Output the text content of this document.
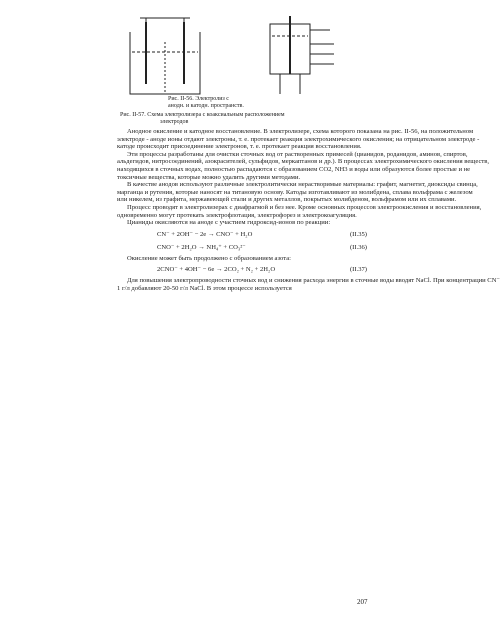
Рис. II-56. Электролиз с
анодн. и катодн. пространств.
Рис. II-57. Схема электролизера с коаксиальным расположением
электродов
Анодное окисление и катодное восстановление. В электролизере, схема которого показана на рис. II-56, на положительном
электроде - аноде ионы отдают электроны, т. е. протекает реакция электрохимического окисления; на отрицательном электроде -
катоде происходит присоединение электронов, т. е. протекает реакция восстановления.
Эти процессы разработаны для очистки сточных вод от растворенных примесей (цианидов, роданидов, аминов, спиртов,
альдегидов, нитросоединений, азокрасителей, сульфидов, меркаптанов и др.). В процессах электрохимического окисления веществ,
находящихся в сточных водах, полностью распадаются с образованием CO2, NH3 и воды или образуются более простые и не
токсичные вещества, которые можно удалить другими методами.
В качестве анодов используют различные электролитически нерастворимые материалы: графит, магнетит, диоксиды свинца,
марганца и рутения, которые наносят на титановую основу. Катоды изготавливают из молибдена, сплава вольфрама с железом
или никелем, из графита, нержавеющей стали и других металлов, покрытых молибденом, вольфрамом или их сплавами.
Процесс проводят в электролизерах с диафрагмой и без нее. Кроме основных процессов электроокисления и восстановления,
одновременно могут протекать электрофлотация, электрофорез и электрокоагуляция.
Цианиды окисляются на аноде с участием гидроксид-ионов по реакции:
CN⁻ + 2OH⁻ − 2e → CNO⁻ + H₂O	(II.35)
CNO⁻ + 2H₂O → NH₄⁺ + CO₃²⁻	(II.36)
Окисление может быть продолжено с образованием азота:
2CNO⁻ + 4OH⁻ − 6e → 2CO₂ + N₂ + 2H₂O	(II.37)
Для повышения электропроводности сточных вод и снижения расхода энергии в сточные воды вводят NaCl. При концентрации CN⁻
1 г/л добавляют 20-50 г/л NaCl. В этом процессе используется
207
